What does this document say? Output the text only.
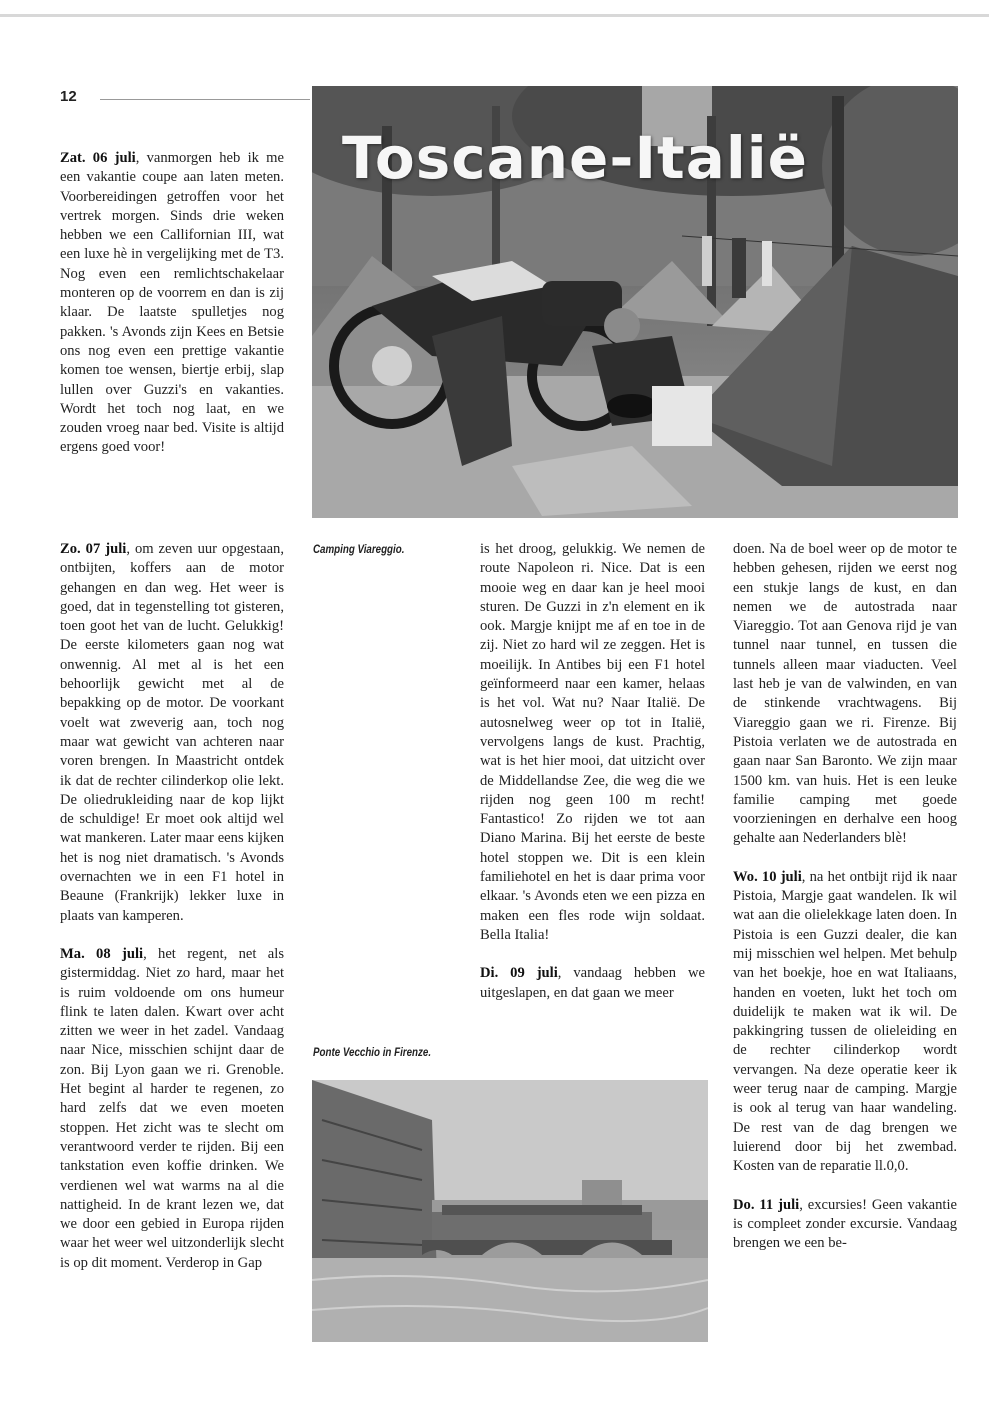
12
Toscane-Italië

Zat. 06 juli, vanmorgen heb ik me een vakantie coupe aan laten meten. Voorbereidingen getroffen voor het vertrek morgen. Sinds drie weken hebben we een Callifornian III, wat een luxe hè in vergelijking met de T3. Nog even een remlichtschakelaar monteren op de voorrem en dan is zij klaar. De laatste spulletjes nog pakken. 's Avonds zijn Kees en Betsie ons nog even een prettige vakantie komen toe wensen, biertje erbij, slap lullen over Guzzi's en vakanties. Wordt het toch nog laat, en we zouden vroeg naar bed. Visite is altijd ergens goed voor!

Zo. 07 juli, om zeven uur opgestaan, ontbijten, koffers aan de motor gehangen en dan weg. Het weer is goed, dat in tegenstelling tot gisteren, toen goot het van de lucht. Gelukkig! De eerste kilometers gaan nog wat onwennig. Al met al is het een behoorlijk gewicht met al de bepakking op de motor. De voorkant voelt wat zweverig aan, toch nog maar wat gewicht van achteren naar voren brengen. In Maastricht ontdek ik dat de rechter cilinderkop olie lekt. De oliedrukleiding naar de kop lijkt de schuldige! Er moet ook altijd wel wat mankeren. Later maar eens kijken het is nog niet dramatisch. 's Avonds overnachten we in een F1 hotel in Beaune (Frankrijk) lekker luxe in plaats van kamperen.

Ma. 08 juli, het regent, net als gistermiddag. Niet zo hard, maar het is ruim voldoende om ons humeur flink te laten dalen. Kwart over acht zitten we weer in het zadel. Vandaag naar Nice, misschien schijnt daar de zon. Bij Lyon gaan we ri. Grenoble. Het begint al harder te regenen, zo hard zelfs dat we even moeten stoppen. Het zicht was te slecht om verantwoord verder te rijden. Bij een tankstation even koffie drinken. We verdienen wel wat warms na al die nattigheid. In de krant lezen we, dat we door een gebied in Europa rijden waar het weer wel uitzonderlijk slecht is op dit moment. Verderop in Gap

Camping Viareggio.
Ponte Vecchio in Firenze.

is het droog, gelukkig. We nemen de route Napoleon ri. Nice. Dat is een mooie weg en daar kan je heel mooi sturen. De Guzzi in z'n element en ik ook. Margje knijpt me af en toe in de zij. Niet zo hard wil ze zeggen. Het is moeilijk. In Antibes bij een F1 hotel geïnformeerd naar een kamer, helaas is het vol. Wat nu? Naar Italië. De autosnelweg weer op tot in Italië, vervolgens langs de kust. Prachtig, wat is het hier mooi, dat uitzicht over de Middellandse Zee, die weg die we rijden nog geen 100 m recht! Fantastico! Zo rijden we tot aan Diano Marina. Bij het eerste de beste hotel stoppen we. Dit is een klein familiehotel en het is daar prima voor elkaar. 's Avonds eten we een pizza en maken een fles rode wijn soldaat. Bella Italia!

Di. 09 juli, vandaag hebben we uitgeslapen, en dat gaan we meer

doen. Na de boel weer op de motor te hebben gehesen, rijden we eerst nog een stukje langs de kust, en dan nemen we de autostrada naar Viareggio. Tot aan Genova rijd je van tunnel naar tunnel, en tussen die tunnels alleen maar viaducten. Veel last heb je van de valwinden, en van de stinkende vrachtwagens. Bij Viareggio gaan we ri. Firenze. Bij Pistoia verlaten we de autostrada en gaan naar San Baronto. We zijn maar 1500 km. van huis. Het is een leuke familie camping met goede voorzieningen en derhalve een hoog gehalte aan Nederlanders blè!

Wo. 10 juli, na het ontbijt rijd ik naar Pistoia, Margje gaat wandelen. Ik wil wat aan die olielekkage laten doen. In Pistoia is een Guzzi dealer, die kan mij misschien wel helpen. Met behulp van het boekje, hoe en wat Italiaans, handen en voeten, lukt het toch om duidelijk te maken wat ik wil. De pakkingring tussen de olieleiding en de rechter cilinderkop wordt vervangen. Na deze operatie keer ik weer terug naar de camping. Margje is ook al terug van haar wandeling. De rest van de dag brengen we luierend door bij het zwembad. Kosten van de reparatie ll.0,0.

Do. 11 juli, excursies! Geen vakantie is compleet zonder excursie. Vandaag brengen we een be-
